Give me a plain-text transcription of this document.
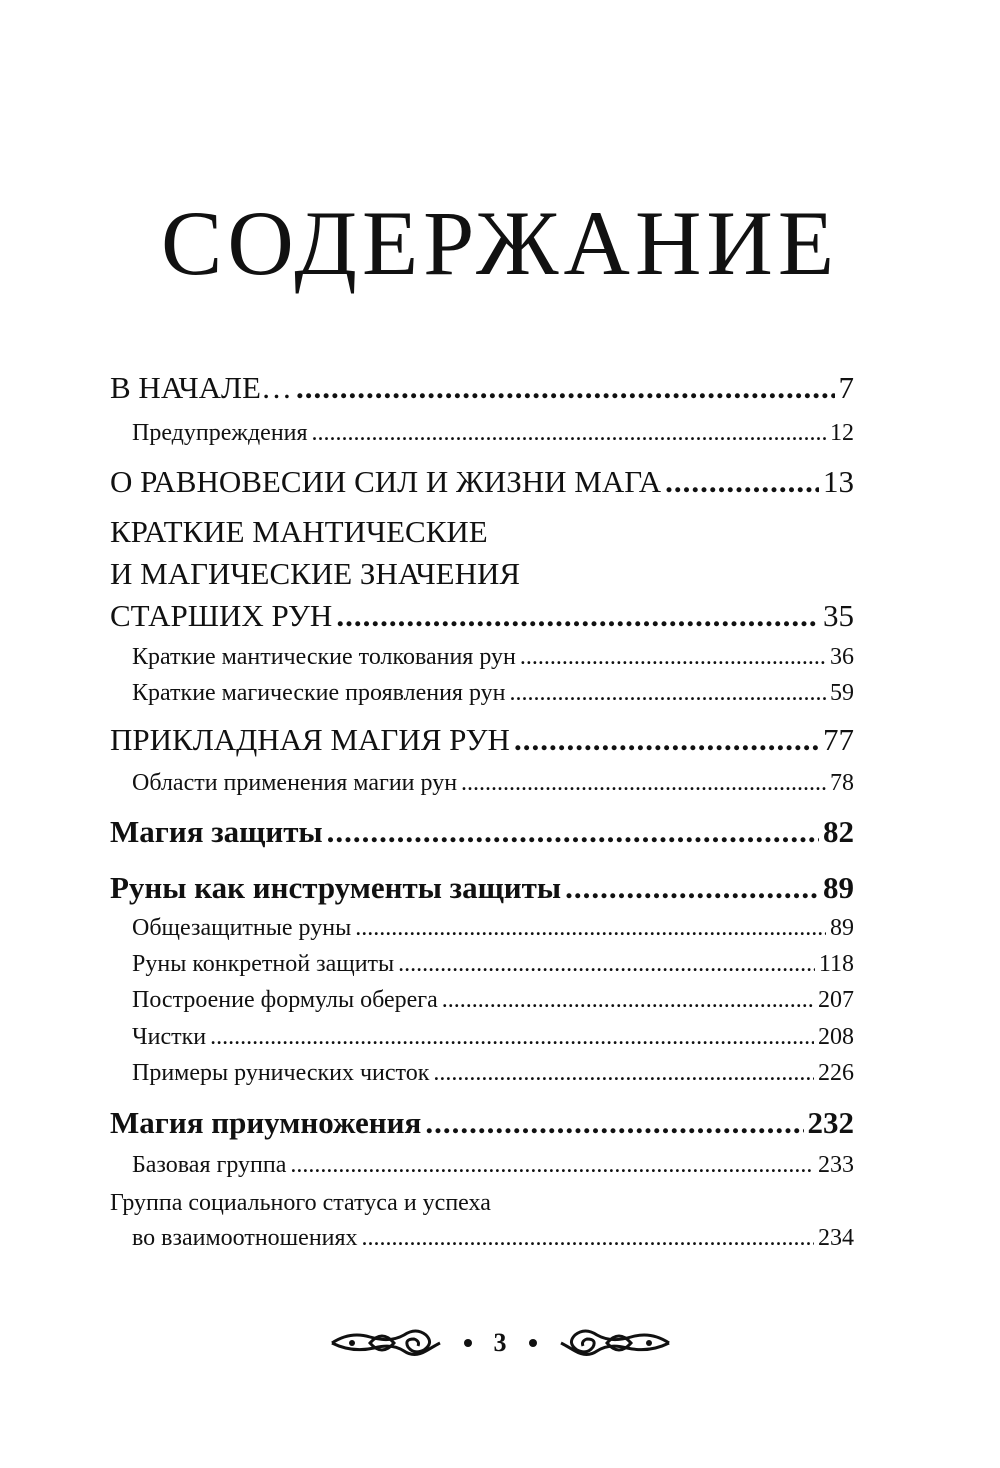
СОДЕРЖАНИЕ
В НАЧАЛЕ… .....	7
Предупреждения .....	12
О РАВНОВЕСИИ СИЛ И ЖИЗНИ МАГА .....	13
КРАТКИЕ МАНТИЧЕСКИЕ
И МАГИЧЕСКИЕ ЗНАЧЕНИЯ
СТАРШИХ РУН .....	35
Краткие мантические толкования рун .....	36
Краткие магические проявления рун .....	59
ПРИКЛАДНАЯ МАГИЯ РУН .....	77
Области применения магии рун .....	78
Магия защиты .....	82
Руны как инструменты защиты .....	89
Общезащитные руны .....	89
Руны конкретной защиты .....	118
Построение формулы оберега .....	207
Чистки .....	208
Примеры рунических чисток .....	226
Магия приумножения .....	232
Базовая группа .....	233
Группа социального статуса и успеха
во взаимоотношениях .....	234
3
